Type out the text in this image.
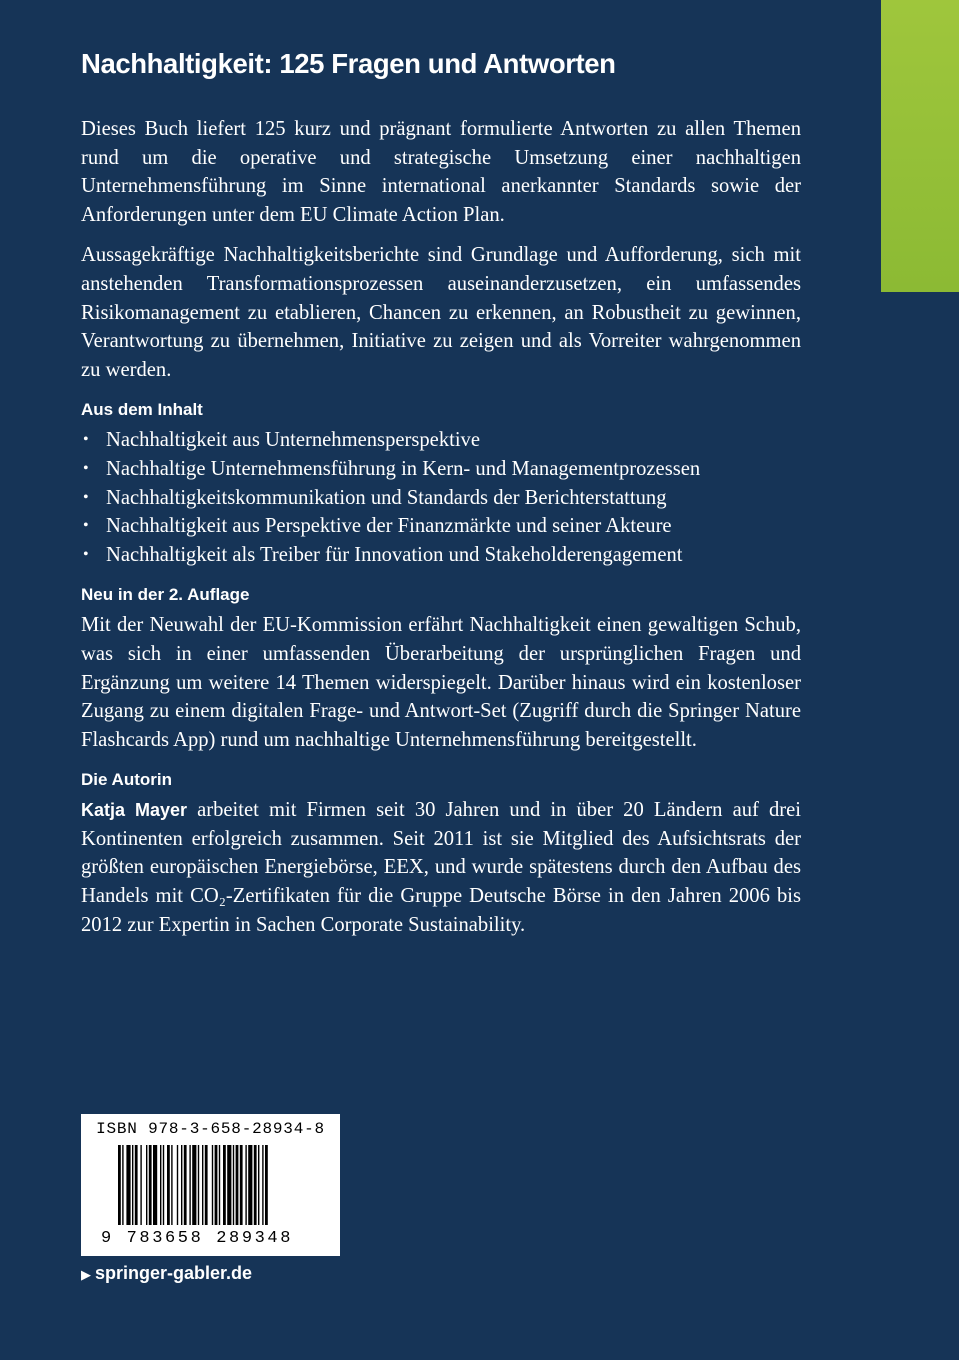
Nachhaltigkeit: 125 Fragen und Antworten

Dieses Buch liefert 125 kurz und prägnant formulierte Antworten zu allen Themen rund um die operative und strategische Umsetzung einer nachhaltigen Unternehmensführung im Sinne international anerkannter Standards sowie der Anforderungen unter dem EU Climate Action Plan.

Aussagekräftige Nachhaltigkeitsberichte sind Grundlage und Aufforderung, sich mit anstehenden Transformationsprozessen auseinanderzusetzen, ein umfassendes Risikomanagement zu etablieren, Chancen zu erkennen, an Robustheit zu gewinnen, Verantwortung zu übernehmen, Initiative zu zeigen und als Vorreiter wahrgenommen zu werden.

Aus dem Inhalt
• Nachhaltigkeit aus Unternehmensperspektive
• Nachhaltige Unternehmensführung in Kern- und Managementprozessen
• Nachhaltigkeitskommunikation und Standards der Berichterstattung
• Nachhaltigkeit aus Perspektive der Finanzmärkte und seiner Akteure
• Nachhaltigkeit als Treiber für Innovation und Stakeholderengagement
Neu in der 2. Auflage

Mit der Neuwahl der EU-Kommission erfährt Nachhaltigkeit einen gewaltigen Schub, was sich in einer umfassenden Überarbeitung der ursprünglichen Fragen und Ergänzung um weitere 14 Themen widerspiegelt. Darüber hinaus wird ein kostenloser Zugang zu einem digitalen Frage- und Antwort-Set (Zugriff durch die Springer Nature Flashcards App) rund um nachhaltige Unternehmensführung bereitgestellt.

Die Autorin

Katja Mayer arbeitet mit Firmen seit 30 Jahren und in über 20 Ländern auf drei Kontinenten erfolgreich zusammen. Seit 2011 ist sie Mitglied des Aufsichtsrats der größten europäischen Energiebörse, EEX, und wurde spätestens durch den Aufbau des Handels mit CO₂-Zertifikaten für die Gruppe Deutsche Börse in den Jahren 2006 bis 2012 zur Expertin in Sachen Corporate Sustainability.

ISBN 978-3-658-28934-8
9 783658 289348
▶ springer-gabler.de
